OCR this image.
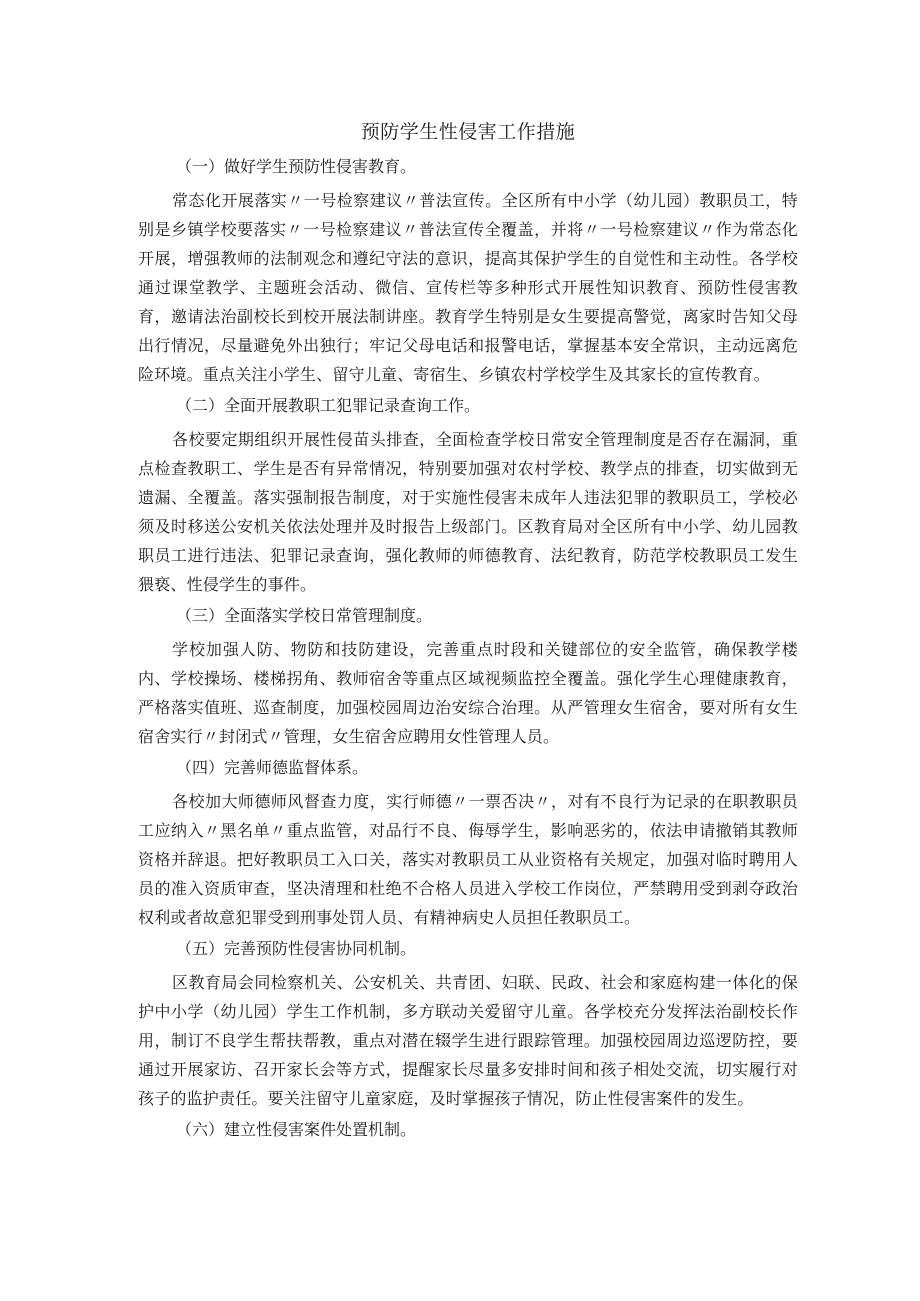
预防学生性侵害工作措施

（一）做好学生预防性侵害教育。

常态化开展落实〃一号检察建议〃普法宣传。全区所有中小学（幼儿园）教职员工，特别是乡镇学校要落实〃一号检察建议〃普法宣传全覆盖，并将〃一号检察建议〃作为常态化开展，增强教师的法制观念和遵纪守法的意识，提高其保护学生的自觉性和主动性。各学校通过课堂教学、主题班会活动、微信、宣传栏等多种形式开展性知识教育、预防性侵害教育，邀请法治副校长到校开展法制讲座。教育学生特别是女生要提高警觉，离家时告知父母出行情况，尽量避免外出独行；牢记父母电话和报警电话，掌握基本安全常识，主动远离危险环境。重点关注小学生、留守儿童、寄宿生、乡镇农村学校学生及其家长的宣传教育。

（二）全面开展教职工犯罪记录查询工作。

各校要定期组织开展性侵苗头排查，全面检查学校日常安全管理制度是否存在漏洞，重点检查教职工、学生是否有异常情况，特别要加强对农村学校、教学点的排查，切实做到无遗漏、全覆盖。落实强制报告制度，对于实施性侵害未成年人违法犯罪的教职员工，学校必须及时移送公安机关依法处理并及时报告上级部门。区教育局对全区所有中小学、幼儿园教职员工进行违法、犯罪记录查询，强化教师的师德教育、法纪教育，防范学校教职员工发生猥亵、性侵学生的事件。

（三）全面落实学校日常管理制度。

学校加强人防、物防和技防建设，完善重点时段和关键部位的安全监管，确保教学楼内、学校操场、楼梯拐角、教师宿舍等重点区域视频监控全覆盖。强化学生心理健康教育，严格落实值班、巡查制度，加强校园周边治安综合治理。从严管理女生宿舍，要对所有女生宿舍实行〃封闭式〃管理，女生宿舍应聘用女性管理人员。

（四）完善师德监督体系。

各校加大师德师风督查力度，实行师德〃一票否决〃，对有不良行为记录的在职教职员工应纳入〃黑名单〃重点监管，对品行不良、侮辱学生，影响恶劣的，依法申请撤销其教师资格并辞退。把好教职员工入口关，落实对教职员工从业资格有关规定，加强对临时聘用人员的准入资质审查，坚决清理和杜绝不合格人员进入学校工作岗位，严禁聘用受到剥夺政治权利或者故意犯罪受到刑事处罚人员、有精神病史人员担任教职员工。

（五）完善预防性侵害协同机制。

区教育局会同检察机关、公安机关、共青团、妇联、民政、社会和家庭构建一体化的保护中小学（幼儿园）学生工作机制，多方联动关爱留守儿童。各学校充分发挥法治副校长作用，制订不良学生帮扶帮教，重点对潜在辍学生进行跟踪管理。加强校园周边巡逻防控，要通过开展家访、召开家长会等方式，提醒家长尽量多安排时间和孩子相处交流，切实履行对孩子的监护责任。要关注留守儿童家庭，及时掌握孩子情况，防止性侵害案件的发生。

（六）建立性侵害案件处置机制。
